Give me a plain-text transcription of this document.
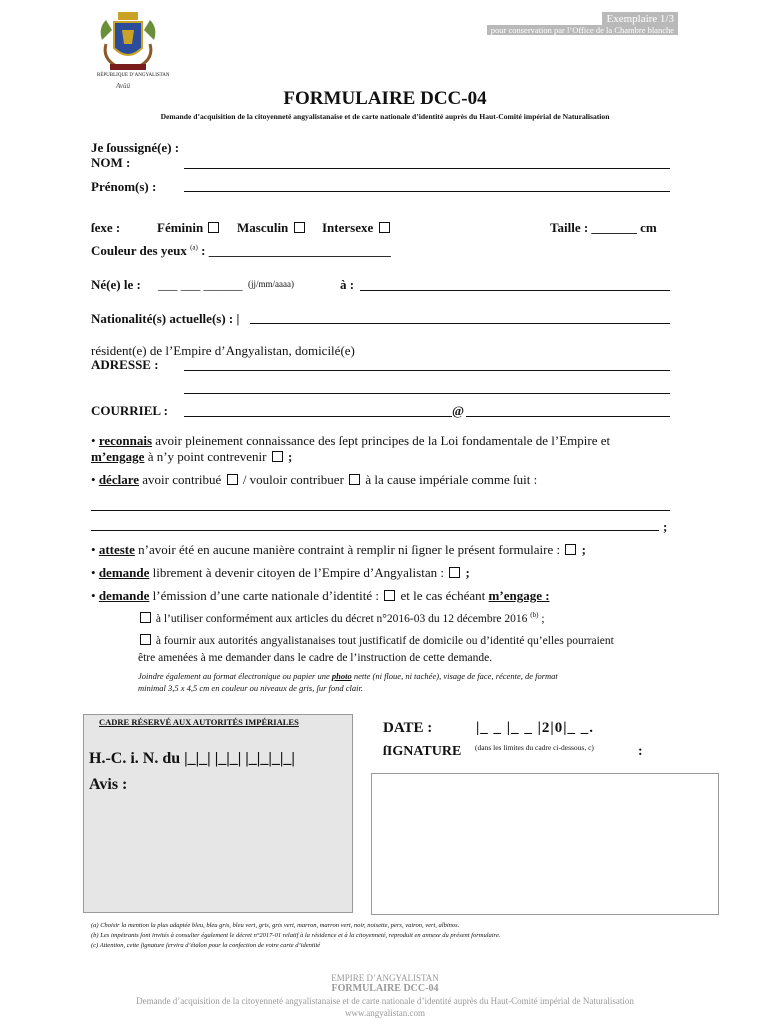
Exemplaire 1/3
pour conservation par l’Office de la Chambre blanche
RÉPUBLIQUE D’ANGYALISTAN
Avüü
FORMULAIRE DCC-04
Demande d’acquisition de la citoyenneté angyalistanaise et de carte nationale d’identité auprès du Haut-Comité impérial de Naturalisation
Je ſoussigné(e) :
NOM :
Prénom(s) :
ſexe :	Féminin	Masculin	Intersexe	Taille : _______ cm
Couleur des yeux $^{(a)}$ : ____________________________
Né(e) le : ___ ___ ______ (jj/mm/aaaa)	à :
Nationalité(s) actuelle(s) : |
résident(e) de l’Empire d’Angyalistan, domicilé(e)
ADRESSE :
COURRIEL :	@
• reconnais avoir pleinement connaissance des ſept principes de la Loi fondamentale de l’Empire et
m’engage à n’y point contrevenir ;
• déclare avoir contribué  / vouloir contribuer  à la cause impériale comme ſuit :
;
• atteste n’avoir été en aucune manière contraint à remplir ni ſigner le présent formulaire : ;
• demande librement à devenir citoyen de l’Empire d’Angyalistan : ;
• demande l’émission d’une carte nationale d’identité :  et le cas échéant m’engage :
à l’utiliser conformément aux articles du décret n°2016-03 du 12 décembre 2016 $^{(b)}$ ;
à fournir aux autorités angyalistanaises tout justificatif de domicile ou d’identité qu’elles pourraient
être amenées à me demander dans le cadre de l’instruction de cette demande.
Joindre également au format électronique ou papier une photo nette (ni floue, ni tachée), visage de face, récente, de format
minimal 3,5 x 4,5 cm en couleur ou niveaux de gris, ſur fond clair.
CADRE RÉSERVÉ AUX AUTORITÉS IMPÉRIALES
H.-C. i. N. du |_|_| |_|_| |_|_|_|_|
Avis :
DATE :	|_ _ |_ _ |2|0|_ _.
ſIGNATURE (dans les limites du cadre ci-dessous, c)	:
(a) Choisir la mention la plus adaptée bleu, bleu gris, bleu vert, gris, gris vert, marron, marron vert, noir, noisette, pers, vairon, vert, albinos.
(b) Les impétrants ſont invités à consulter également le décret n°2017-01 relatif à la résidence et à la citoyenneté, reproduit en annexe du présent formulaire.
(c) Attention, cette ſignature ſervira d’étalon pour la confection de votre carte d’identité
EMPIRE D’ANGYALISTAN
FORMULAIRE DCC-04
Demande d’acquisition de la citoyenneté angyalistanaise et de carte nationale d’identité auprès du Haut-Comité impérial de Naturalisation
www.angyalistan.com
